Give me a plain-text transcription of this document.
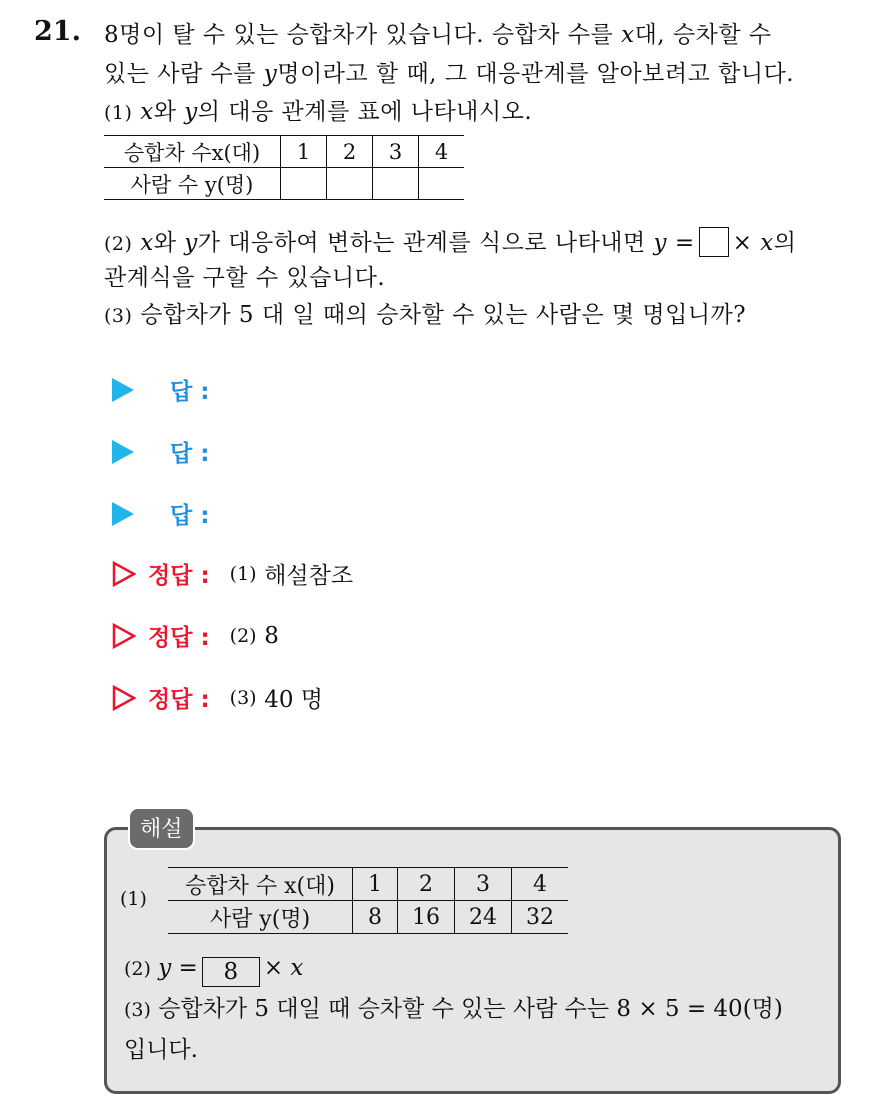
21. 8명이 탈 수 있는 승합차가 있습니다. 승합차 수를 x대, 승차할 수
있는 사람 수를 y명이라고 할 때, 그 대응관계를 알아보려고 합니다.
(1) x와 y의 대응 관계를 표에 나타내시오.
승합차 수x(대)	1	2	3	4
사람 수 y(명)				
(2) x와 y가 대응하여 변하는 관계를 식으로 나타내면 y = × x의
관계식을 구할 수 있습니다.
(3) 승합차가 5 대 일 때의 승차할 수 있는 사람은 몇 명입니까?
답 :
답 :
답 :
정답 : (1)
해설참조
정답 : (2)
8
정답 : (3)
40 명
해설
(1)
승합차 수 x(대)	1	2	3	4
사람 y(명)	8	16	24	32
(2) y = 8 × x
(3) 승합차가 5 대일 때 승차할 수 있는 사람 수는 8 × 5 = 40(명)
입니다.
